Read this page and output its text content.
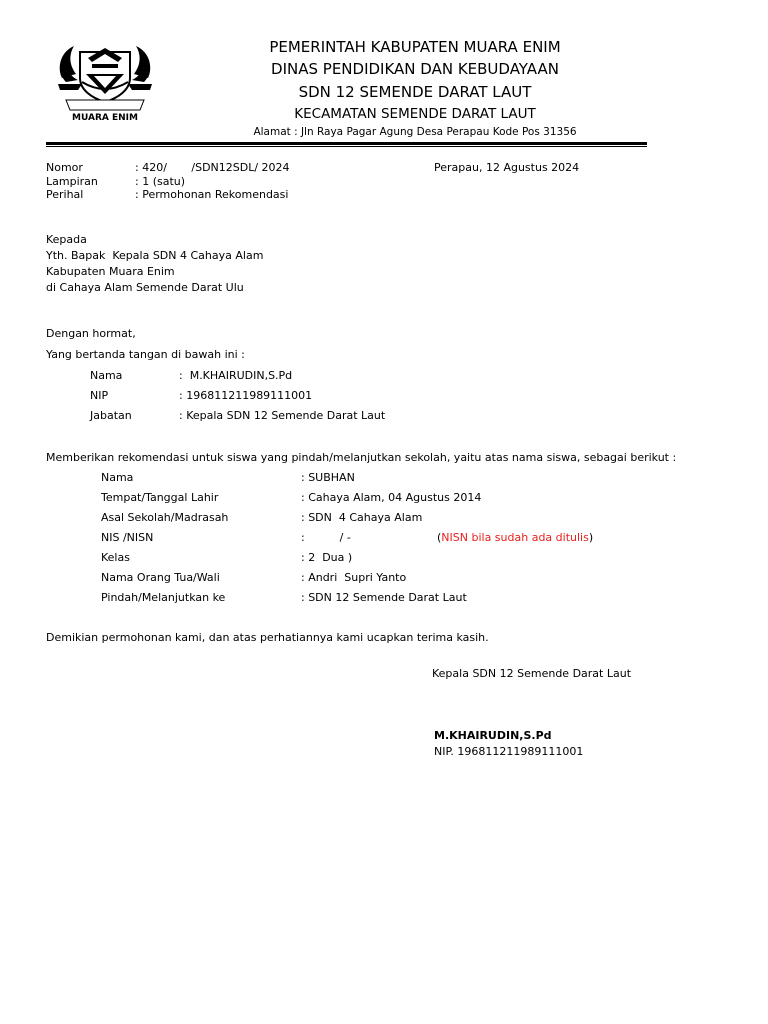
MUARA ENIM
PEMERINTAH KABUPATEN MUARA ENIM
DINAS PENDIDIKAN DAN KEBUDAYAAN
SDN 12 SEMENDE DARAT LAUT
KECAMATAN SEMENDE DARAT LAUT
Alamat : Jln Raya Pagar Agung Desa Perapau Kode Pos 31356
Nomor	: 420/       /SDN12SDL/ 2024	Perapau, 12 Agustus 2024
Lampiran	: 1 (satu)
Perihal	: Permohonan Rekomendasi
Kepada
Yth. Bapak  Kepala SDN 4 Cahaya Alam
Kabupaten Muara Enim
di Cahaya Alam Semende Darat Ulu
Dengan hormat,
Yang bertanda tangan di bawah ini :
Nama	:  M.KHAIRUDIN,S.Pd
NIP	: 196811211989111001
Jabatan	: Kepala SDN 12 Semende Darat Laut
Memberikan rekomendasi untuk siswa yang pindah/melanjutkan sekolah, yaitu atas nama siswa, sebagai berikut :
Nama	: SUBHAN
Tempat/Tanggal Lahir	: Cahaya Alam, 04 Agustus 2014
Asal Sekolah/Madrasah	: SDN  4 Cahaya Alam
NIS /NISN	:          / -	(NISN bila sudah ada ditulis)
Kelas	: 2  Dua )
Nama Orang Tua/Wali	: Andri  Supri Yanto
Pindah/Melanjutkan ke	: SDN 12 Semende Darat Laut
Demikian permohonan kami, dan atas perhatiannya kami ucapkan terima kasih.
Kepala SDN 12 Semende Darat Laut
M.KHAIRUDIN,S.Pd
NIP. 196811211989111001
